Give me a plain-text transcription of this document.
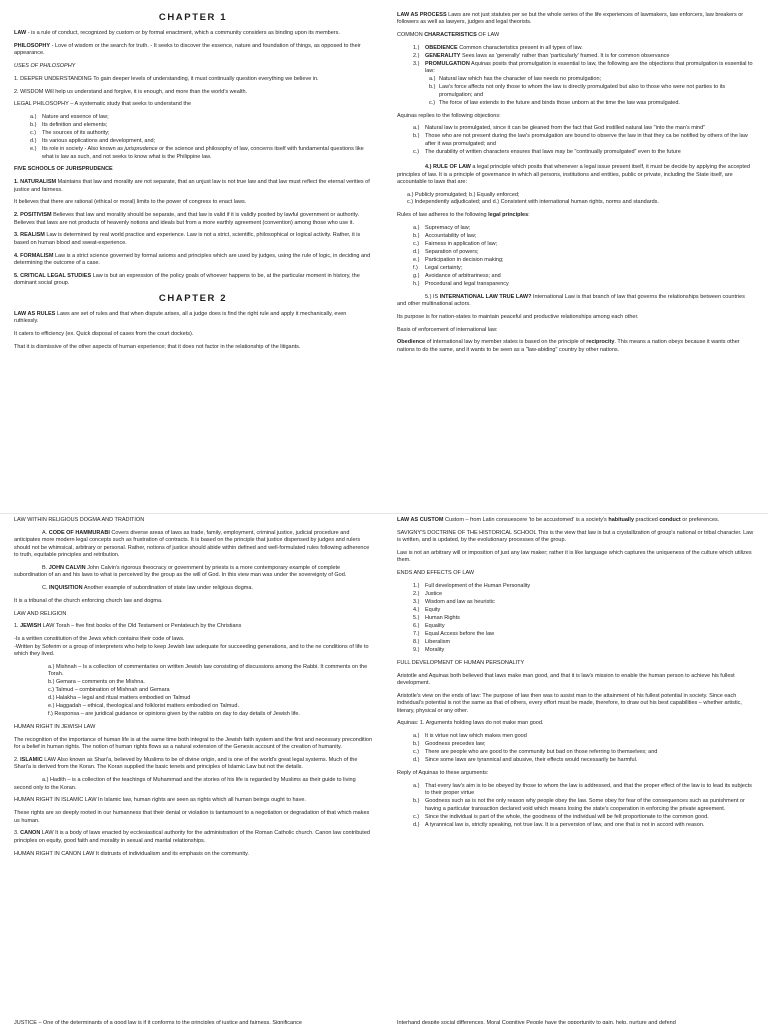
CHAPTER 1

LAW - is a rule of conduct, recognized by custom or by formal enactment, which a community considers as binding upon its members.

PHILOSOPHY - Love of wisdom or the search for truth. - It seeks to discover the essence, nature and foundation of things, as opposed to their appearance.

USES OF PHILOSOPHY

1. DEEPER UNDERSTANDING To gain deeper levels of understanding, it must continually question everything we believe in.

2. WISDOM Will help us understand and forgive, it is enough, and more than the world's wealth.

LEGAL PHILOSOPHY – A systematic study that seeks to understand the

a.) Nature and essence of law;
b.) Its definition and elements;
c.) The sources of its authority;
d.) Its various applications and development, and;
e.) Its role in society - Also known as jurisprudence or the science and philosophy of law, concerns itself with fundamental questions like what is law as such, and not seeks to know what is the Philippine law.

FIVE SCHOOLS OF JURISPRUDENCE

1. NATURALISM Maintains that law and morality are not separate, that an unjust law is not true law and that law must reflect the eternal verities of justice and fairness.

It believes that there are rational (ethical or moral) limits to the power of congress to enact laws.

2. POSITIVISM Believes that law and morality should be separate, and that law is valid if it is validly posited by lawful government or authority. Believes that laws are not products of heavenly notions and ideals but from a more earthly agreement (convention) among those who use it.

3. REALISM Law is determined by real world practice and experience. Law is not a strict, scientific, philosophical or logical activity. Rather, it is based on human blood and sweat-experience.

4. FORMALISM Law is a strict science governed by formal axioms and principles which are used by judges, using the rule of logic, in deciding and determining the outcome of a case.

5. CRITICAL LEGAL STUDIES Law is but an expression of the policy goals of whoever happens to be, at the particular moment in history, the dominant social group.

CHAPTER 2

LAW AS RULES Laws are set of rules and that when dispute arises, all a judge does is find the right rule and apply it mechanically, even ruthlessly.

It caters to efficiency (ex. Quick disposal of cases from the court dockets).

That it is dismissive of the other aspects of human experience; that it does not factor in the relationship of the litigants.

LAW AS PROCESS Laws are not just statutes per se but the whole series of the life experiences of lawmakers, law enforcers, law breakers or followers as well as lawyers, judges and legal theorists.

COMMON CHARACTERISTICS OF LAW

1.) OBEDIENCE Common characteristics present in all types of law.
2.) GENERALITY Sees laws as 'generally' rather than 'particularly' framed. It is for common observance
3.) PROMULGATION Aquinas posits that promulgation is essential to law, the following are the objections that promulgation is essential to law:
a.) Natural law which has the character of law needs no promulgation;
b.) Law's force affects not only those to whom the law is directly promulgated but also to those who were not parties to its promulgation; and
c.) The force of law extends to the future and binds those unborn at the time the law was promulgated.

Aquinas replies to the following objections:

a.) Natural law is promulgated, since it can be gleaned from the fact that God instilled natural law "into the man's mind"
b.) Those who are not present during the law's promulgation are bound to observe the law in that they ca be notified by others of the law after it was promulgated; and
c.) The durability of written characters ensures that laws may be "continually promulgated" even to the future

4.) RULE OF LAW a legal principle which posits that whenever a legal issue present itself, it must be decide by applying the accepted principles of law. It is a principle of governance in which all persons, institutions and entities, public or private, including the State itself, are accountable to laws that are:

a.) Publicly promulgated; b.) Equally enforced;

c.) Independently adjudicated; and d.) Consistent with international human rights, norms and standards.

Rules of law adheres to the following legal principles:

a.) Supremacy of law;
b.) Accountability of law;
c.) Fairness in application of law;
d.) Separation of powers;
e.) Participation in decision making;
f.) Legal certainty;
g.) Avoidance of arbitrariness; and
h.) Procedural and legal transparency

5.) IS INTERNATIONAL LAW TRUE LAW? International Law is that branch of law that governs the relationships between countries and other multinational actors.

Its purpose is for nation-states to maintain peaceful and productive relationships among each other.

Basis of enforcement of international law:

Obedience of international law by member states is based on the principle of reciprocity. This means a nation obeys because it wants other nations to do the same, and it wants to be seen as a "law-abiding" country by other nations.

LAW WITHIN RELIGIOUS DOGMA AND TRADITION

A. CODE OF HAMMURABI Covers diverse areas of laws as trade, family, employment, criminal justice, judicial procedure and anticipates more modern legal concepts such as frustration of contracts. It is based on the principle that justice dispensed by judges and rulers should not be whimsical, arbitrary or personal. Rather, notions of justice should abide within defined and well-formulated rules following adherence to truth, equitable principles and retribution.

B. JOHN CALVIN John Calvin's rigorous theocracy or government by priests is a more contemporary example of complete subordination of an and his laws to what is perceived by the group as the will of God. In this view man was under the sovereignty of God.

C. INQUISITION Another example of subordination of state law under religious dogma.

It is a tribunal of the church enforcing church law and dogma.

LAW AND RELIGION

1. JEWISH LAW Torah – five first books of the Old Testament or Pentateuch by the Christians

-Is a written constitution of the Jews which contains their code of laws.

-Written by Soferim or a group of interpreters who help to keep Jewish law adequate for succeeding generations, and to the ne conditions of life to which they lived.

a.) Mishnah – Is a collection of commentaries on written Jewish law consisting of discussions among the Rabbi. It comments on the Torah.
b.) Gemara – comments on the Mishna.
c.) Talmud – combination of Mishnah and Gemara
d.) Halakha – legal and ritual matters embodied on Talmud
e.) Haggadah – ethical, theological and folklorist matters embodied on Talmud.
f.) Responsa – are juridical guidance or opinions given by the rabbis on day to day details of Jewish life.

HUMAN RIGHT IN JEWISH LAW

The recognition of the importance of human life is at the same time both integral to the Jewish faith system and the first and necessary precondition for a belief in human rights. The notion of human rights flows as a natural extension of the Genesis account of the creation of humanity.

2. ISLAMIC LAW Also known as Shari'a, believed by Muslims to be of divine origin, and is one of the world's great legal systems. Much of the Shari'a is derived from the Koran. The Koran supplied the basic tenets and principles of Islamic Law but not the details.

a.) Hadith – is a collection of the teachings of Muhammad and the stories of his life is regarded by Muslims as their guide to living second only to the Koran.

HUMAN RIGHT IN ISLAMIC LAW In Islamic law, human rights are seen as rights which all human beings ought to have.

These rights are so deeply rooted in our humanness that their denial or violation is tantamount to a negotiation or degradation of that which makes us human.

3. CANON LAW It is a body of laws enacted by ecclesiastical authority for the administration of the Roman Catholic church. Canon law contributed principles on equity, good faith and morality in sexual and marital relationships.

HUMAN RIGHT IN CANON LAW It distrusts of individualism and its emphasis on the community.

JUSTICE – One of the determinants of a good law is if it conforms to the principles of justice and fairness. Significance

LAW AS CUSTOM Custom – from Latin consuescere 'to be accustomed' is a society's habitually practiced conduct or preferences.

SAVIGNY'S DOCTRINE OF THE HISTORICAL SCHOOL This is the view that law is but a crystallization of group's national or tribal character. Law is written, and is updated, by the evolutionary processes of the group.

Law is not an arbitrary will or imposition of just any law maker; rather it is like language which captures the uniqueness of the culture which utilizes them.

ENDS AND EFFECTS OF LAW

1.) Full development of the Human Personality
2.) Justice
3.) Wisdom and law as heuristic
4.) Equity
5.) Human Rights
6.) Equality
7.) Equal Access before the law
8.) Liberalism
9.) Morality

FULL DEVELOPMENT OF HUMAN PERSONALITY

Aristotle and Aquinas both believed that laws make man good, and that it is law's mission to enable the human person to achieve his fullest development.

Aristotle's view on the ends of law: The purpose of law then was to assist man to the attainment of his fullest potential in society. Since each individual's potential is not the same as that of others, every effort must be made, therefore, to draw out his best capabilities – whether artistic, literary, physical or any other.

Aquinas: 1. Arguments holding laws do not make man good.

a.) It is virtue not law which makes men good
b.) Goodness precedes law;
c.) There are people who are good to the community but bad on those referring to themselves; and
d.) Since some laws are tyrannical and abusive, their effects would necessarily be harmful.

Reply of Aquinas to these arguments:

a.) That every law's aim is to be obeyed by those to whom the law is addressed, and that the proper effect of the law is to lead its subjects to their proper virtue
b.) Goodness such as is not the only reason why people obey the law. Some obey for fear of the consequences such as punishment or having a particular transaction declared void which means losing the state's cooperation in enforcing the private agreement.
c.) Since the individual is part of the whole, the goodness of the individual will be felt proportionate to the common good.
d.) A tyrannical law is, strictly speaking, not true law. It is a perversion of law, and one that is not in accord with reason.
Interhand despite social differences. Moral Cognitive People have the opportunity to gain, help, nurture and defend
